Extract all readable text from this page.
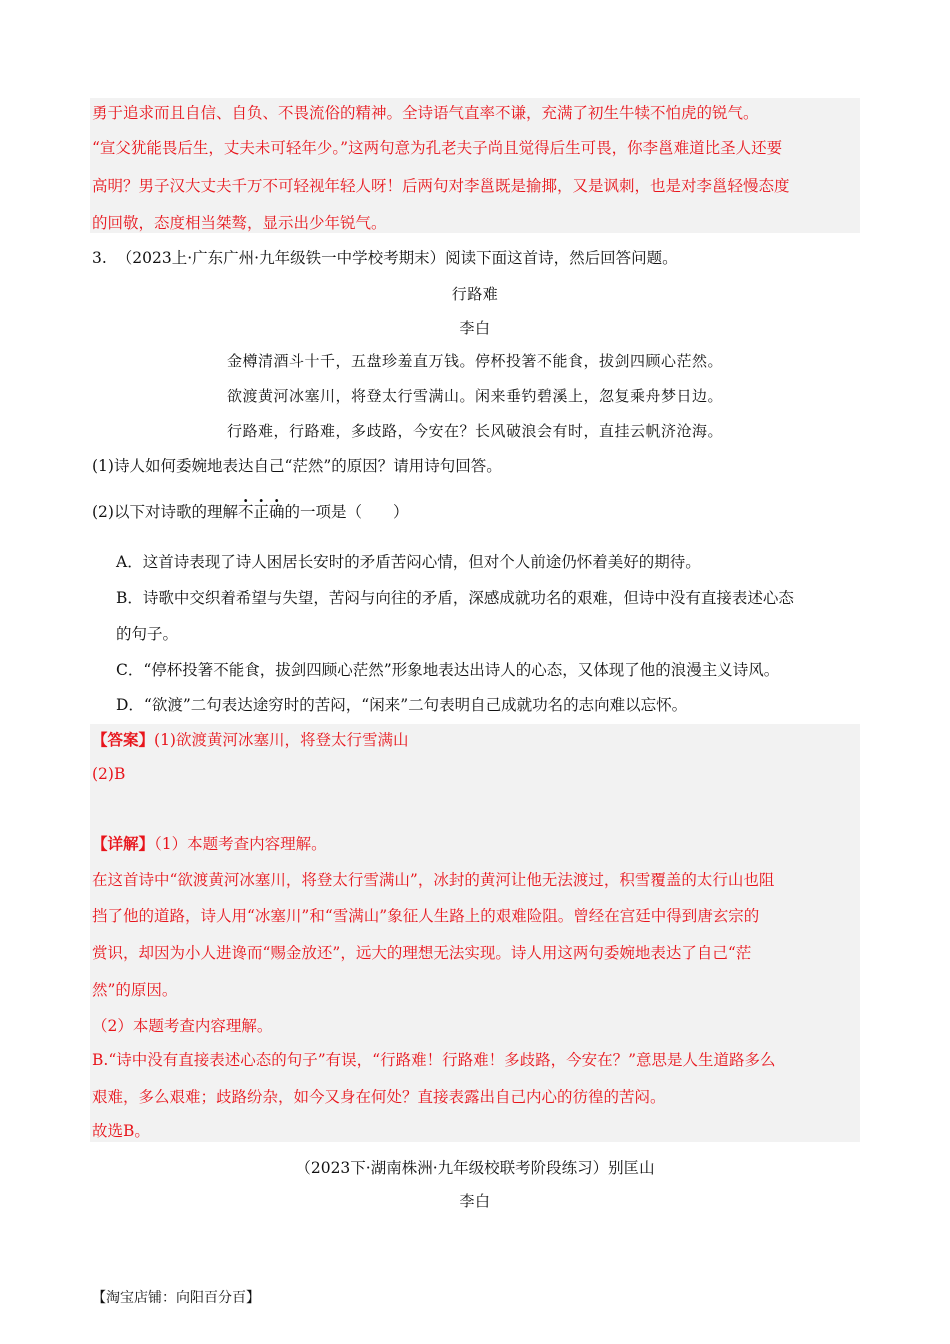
勇于追求而且自信、自负、不畏流俗的精神。全诗语气直率不谦，充满了初生牛犊不怕虎的锐气。
“宣父犹能畏后生，丈夫未可轻年少。”这两句意为孔老夫子尚且觉得后生可畏，你李邕难道比圣人还要
高明？男子汉大丈夫千万不可轻视年轻人呀！后两句对李邕既是揄揶，又是讽刺，也是对李邕轻慢态度
的回敬，态度相当桀骜，显示出少年锐气。
3. （2023上·广东广州·九年级铁一中学校考期末）阅读下面这首诗，然后回答问题。
行路难
李白
金樽清酒斗十千，五盘珍羞直万钱。停杯投箸不能食，拔剑四顾心茫然。
欲渡黄河冰塞川，将登太行雪满山。闲来垂钓碧溪上，忽复乘舟梦日边。
行路难，行路难，多歧路，今安在？长风破浪会有时，直挂云帆济沧海。
(1)诗人如何委婉地表达自己“茫然”的原因？请用诗句回答。
(2)以下对诗歌的理解不正确的一项是（　　）
A．这首诗表现了诗人困居长安时的矛盾苦闷心情，但对个人前途仍怀着美好的期待。
B．诗歌中交织着希望与失望，苦闷与向往的矛盾，深感成就功名的艰难，但诗中没有直接表述心态
的句子。
C．“停杯投箸不能食，拔剑四顾心茫然”形象地表达出诗人的心态，又体现了他的浪漫主义诗风。
D．“欲渡”二句表达途穷时的苦闷，“闲来”二句表明自己成就功名的志向难以忘怀。
【答案】(1)欲渡黄河冰塞川，将登太行雪满山
(2)B
【详解】（1）本题考查内容理解。
在这首诗中“欲渡黄河冰塞川，将登太行雪满山”，冰封的黄河让他无法渡过，积雪覆盖的太行山也阻
挡了他的道路，诗人用“冰塞川”和“雪满山”象征人生路上的艰难险阻。曾经在宫廷中得到唐玄宗的
赏识，却因为小人进谗而“赐金放还”，远大的理想无法实现。诗人用这两句委婉地表达了自己“茫
然”的原因。
（2）本题考查内容理解。
B.“诗中没有直接表述心态的句子”有误，“行路难！行路难！多歧路，今安在？”意思是人生道路多么
艰难，多么艰难；歧路纷杂，如今又身在何处？直接表露出自己内心的彷徨的苦闷。
故选B。
（2023下·湖南株洲·九年级校联考阶段练习）别匡山
李白
【淘宝店铺：向阳百分百】
